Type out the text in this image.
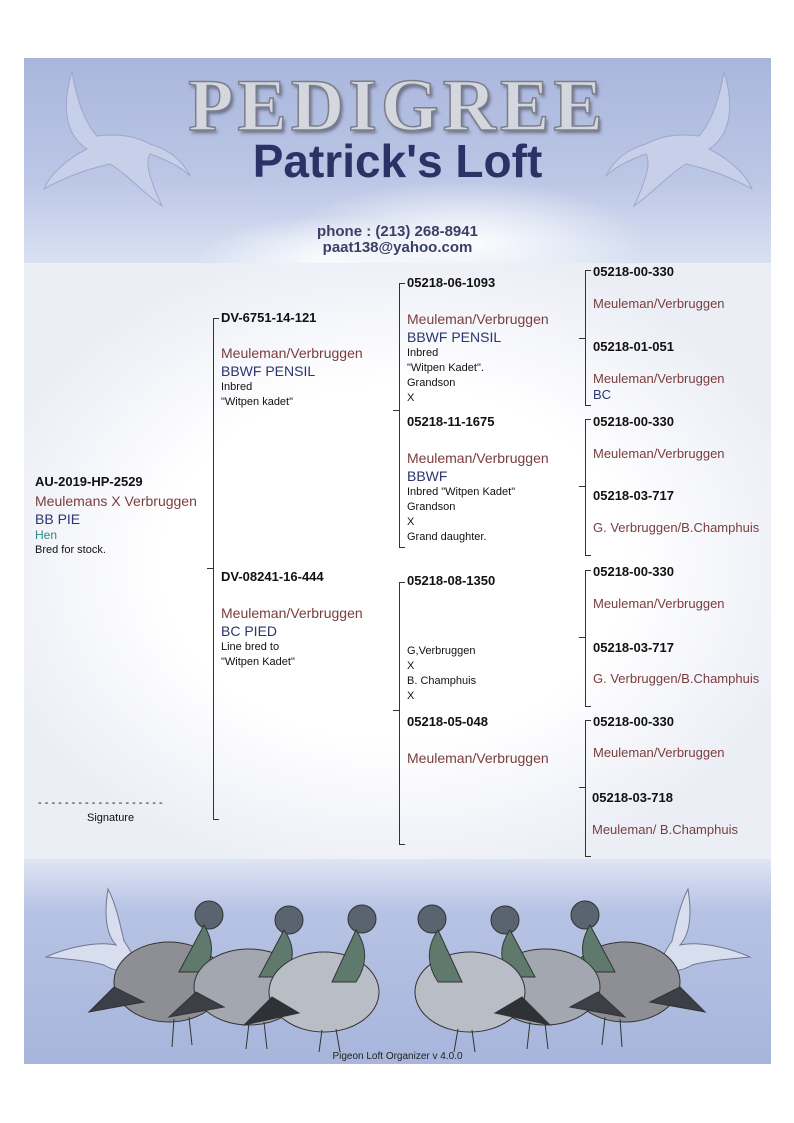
PEDIGREE
Patrick's Loft
phone : (213) 268-8941
paat138@yahoo.com
Pigeon Loft Organizer v 4.0.0
AU-2019-HP-2529
Meulemans X Verbruggen
BB PIE
Hen
Bred for stock.
- - - - - - - - - - - - - - - - - - -
Signature
DV-6751-14-121
Meuleman/Verbruggen
BBWF PENSIL
Inbred
"Witpen kadet"
DV-08241-16-444
Meuleman/Verbruggen
BC PIED
Line bred to
"Witpen Kadet"
05218-06-1093
Meuleman/Verbruggen
BBWF PENSIL
Inbred
"Witpen Kadet".
Grandson
X
05218-11-1675
Meuleman/Verbruggen
BBWF
Inbred "Witpen Kadet"
Grandson
X
Grand daughter.
05218-08-1350
G,Verbruggen
X
B. Champhuis
X
05218-05-048
Meuleman/Verbruggen
05218-00-330
Meuleman/Verbruggen
05218-01-051
Meuleman/Verbruggen
BC
05218-00-330
Meuleman/Verbruggen
05218-03-717
G. Verbruggen/B.Champhuis
05218-00-330
Meuleman/Verbruggen
05218-03-717
G. Verbruggen/B.Champhuis
05218-00-330
Meuleman/Verbruggen
05218-03-718
Meuleman/ B.Champhuis
